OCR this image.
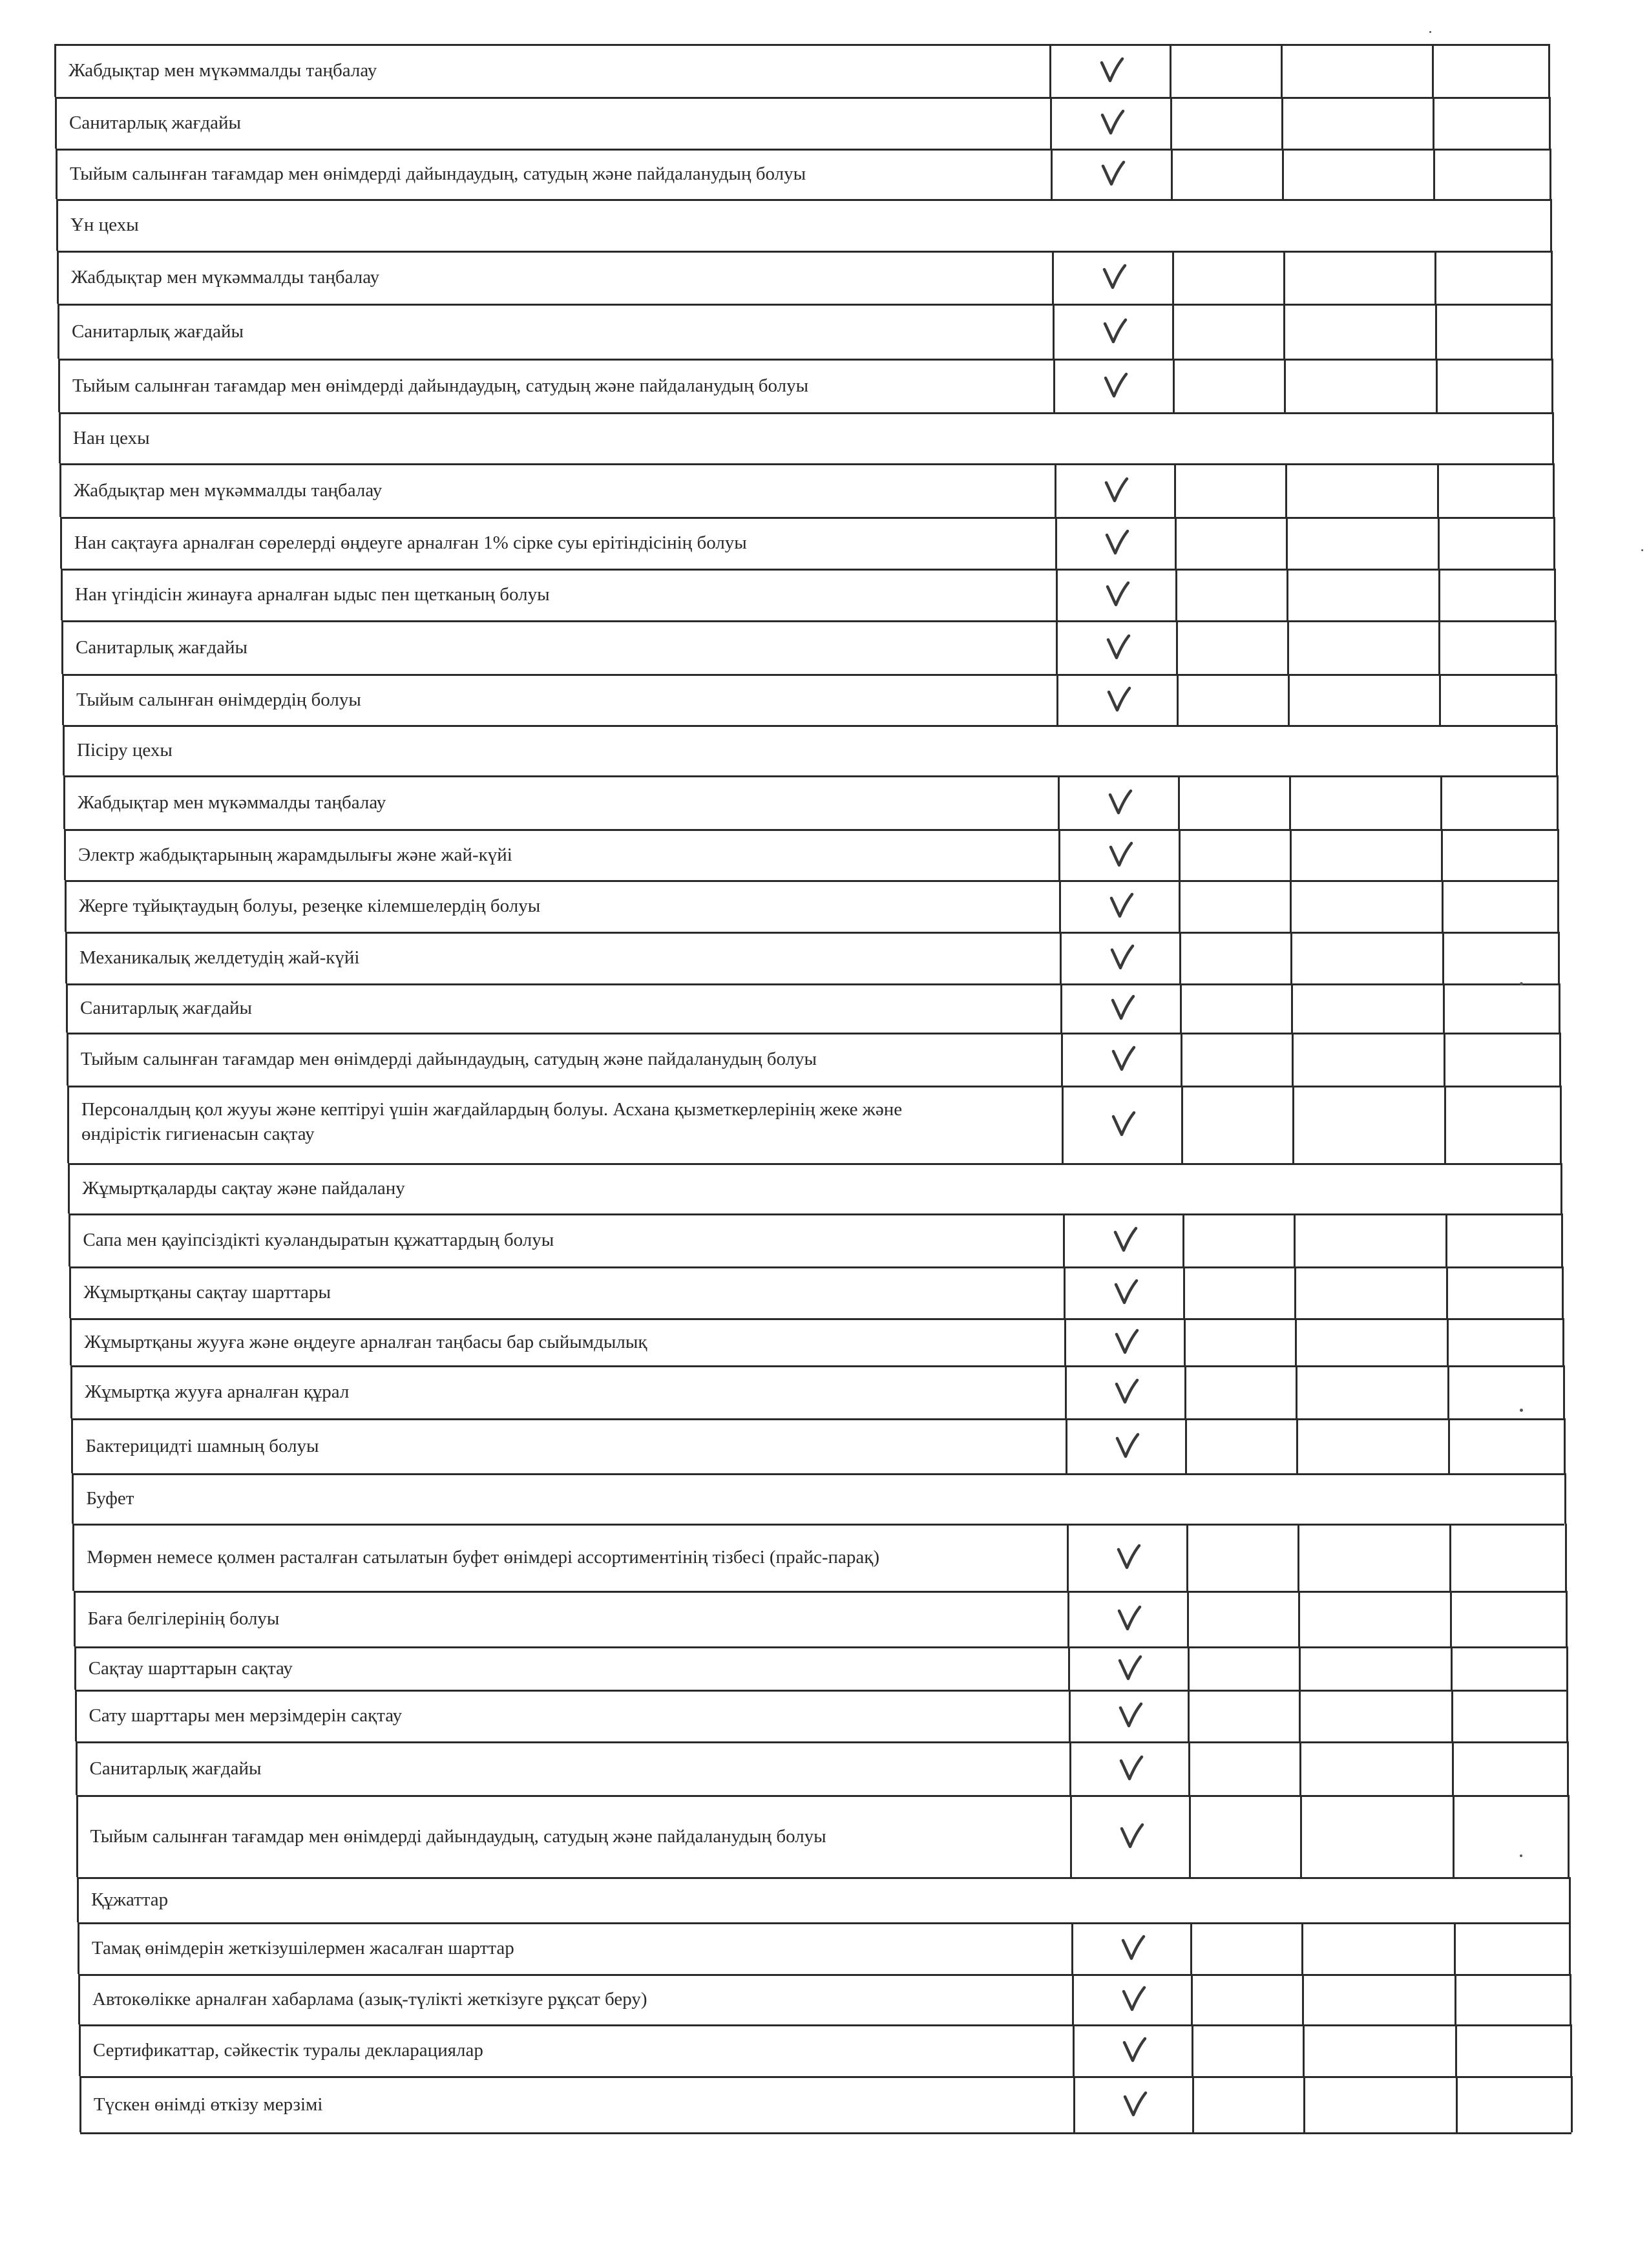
Жабдықтар мен мүкәммалды таңбалау
Санитарлық жағдайы
Тыйым салынған тағамдар мен өнімдерді дайындаудың, сатудың және пайдаланудың болуы
Ұн цехы
Жабдықтар мен мүкәммалды таңбалау
Санитарлық жағдайы
Тыйым салынған тағамдар мен өнімдерді дайындаудың, сатудың және пайдаланудың болуы
Нан цехы
Жабдықтар мен мүкәммалды таңбалау
Нан сақтауға арналған сөрелерді өңдеуге арналған 1% сірке суы ерітіндісінің болуы
Нан үгіндісін жинауға арналған ыдыс пен щетканың болуы
Санитарлық жағдайы
Тыйым салынған өнімдердің болуы
Пісіру цехы
Жабдықтар мен мүкәммалды таңбалау
Электр жабдықтарының жарамдылығы және жай-күйі
Жерге тұйықтаудың болуы, резеңке кілемшелердің болуы
Механикалық желдетудің жай-күйі
Санитарлық жағдайы
Тыйым салынған тағамдар мен өнімдерді дайындаудың, сатудың және пайдаланудың болуы
Персоналдың қол жууы және кептіруі үшін жағдайлардың болуы. Асхана қызметкерлерінің жеке және
өндірістік гигиенасын сақтау
Жұмыртқаларды сақтау және пайдалану
Сапа мен қауіпсіздікті куәландыратын құжаттардың болуы
Жұмыртқаны сақтау шарттары
Жұмыртқаны жууға және өңдеуге арналған таңбасы бар сыйымдылық
Жұмыртқа жууға арналған құрал
Бактерицидті шамның болуы
Буфет
Мөрмен немесе қолмен расталған сатылатын буфет өнімдері ассортиментінің тізбесі (прайс-парақ)
Баға белгілерінің болуы
Сақтау шарттарын сақтау
Сату шарттары мен мерзімдерін сақтау
Санитарлық жағдайы
Тыйым салынған тағамдар мен өнімдерді дайындаудың, сатудың және пайдаланудың болуы
Құжаттар
Тамақ өнімдерін жеткізушілермен жасалған шарттар
Автокөлікке арналған хабарлама (азық-түлікті жеткізуге рұқсат беру)
Сертификаттар, сәйкестік туралы декларациялар
Түскен өнімді өткізу мерзімі
